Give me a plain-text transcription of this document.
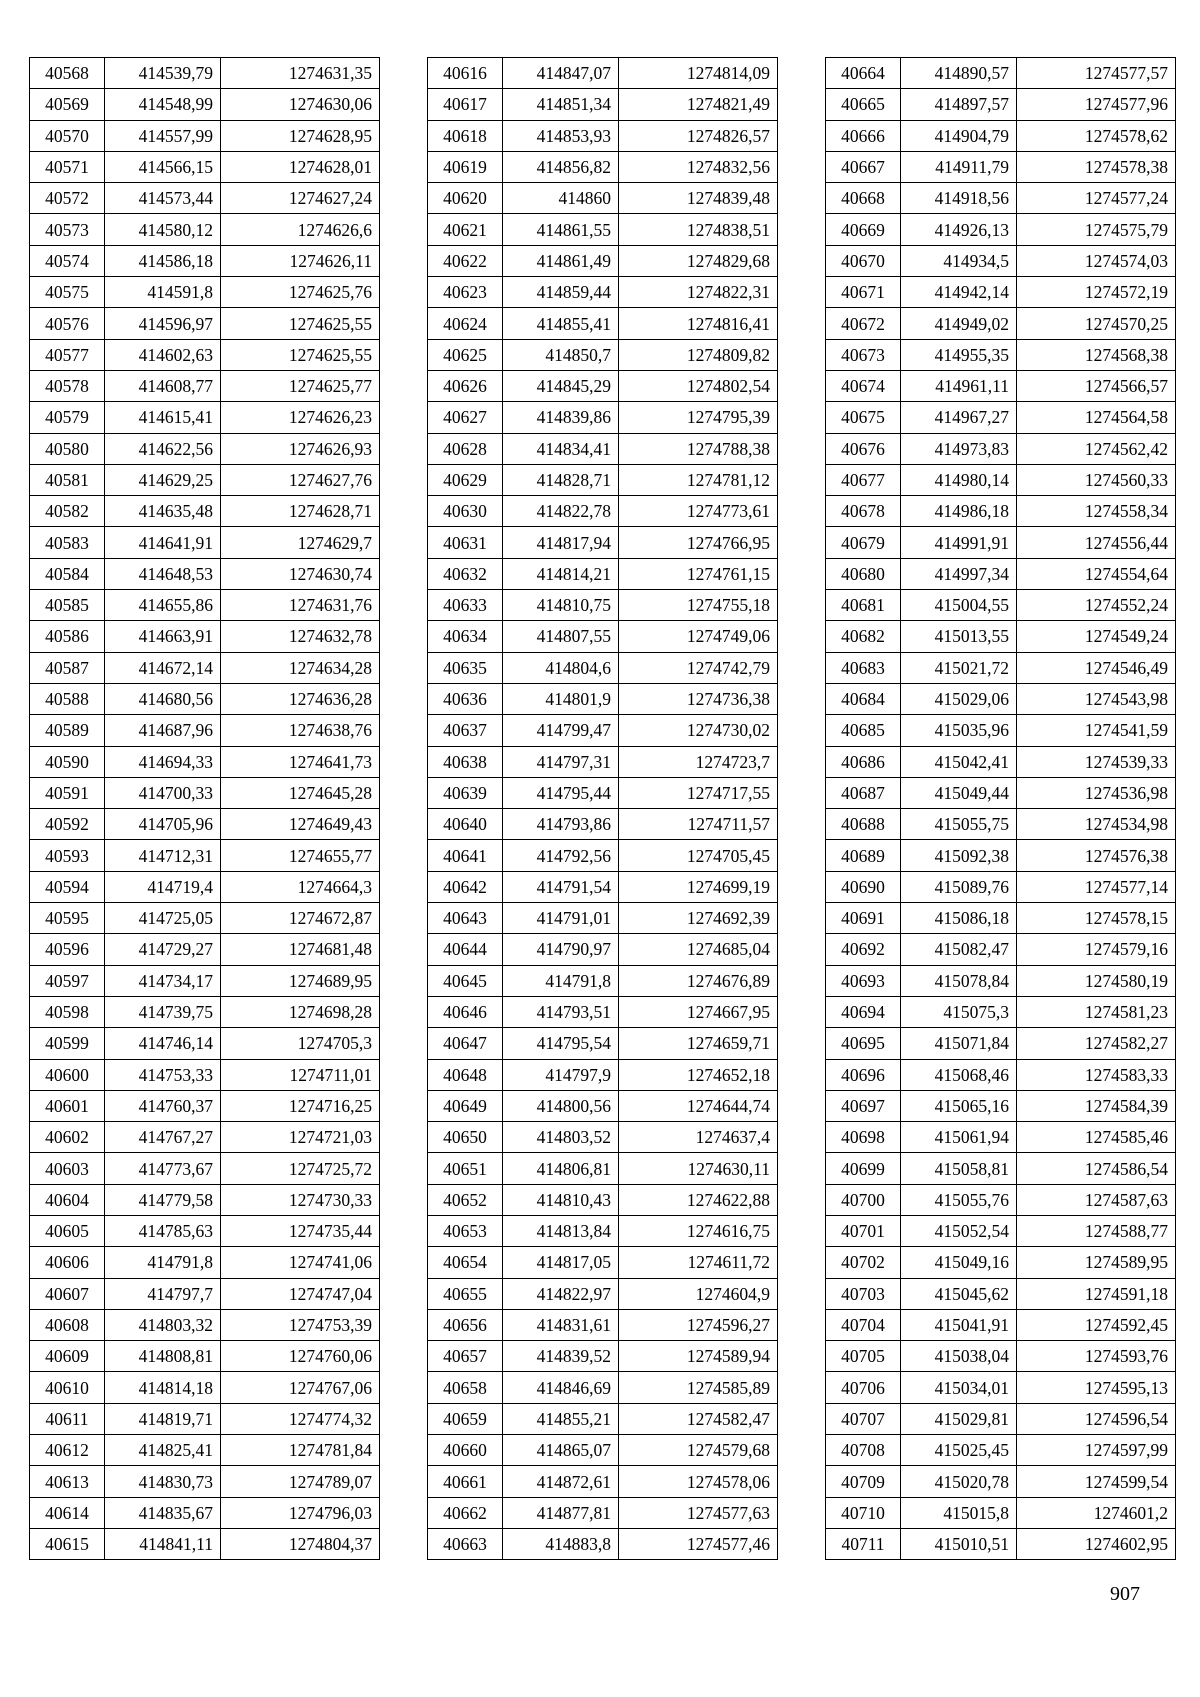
40568	414539,79	1274631,35
40569	414548,99	1274630,06
40570	414557,99	1274628,95
40571	414566,15	1274628,01
40572	414573,44	1274627,24
40573	414580,12	1274626,6
40574	414586,18	1274626,11
40575	414591,8	1274625,76
40576	414596,97	1274625,55
40577	414602,63	1274625,55
40578	414608,77	1274625,77
40579	414615,41	1274626,23
40580	414622,56	1274626,93
40581	414629,25	1274627,76
40582	414635,48	1274628,71
40583	414641,91	1274629,7
40584	414648,53	1274630,74
40585	414655,86	1274631,76
40586	414663,91	1274632,78
40587	414672,14	1274634,28
40588	414680,56	1274636,28
40589	414687,96	1274638,76
40590	414694,33	1274641,73
40591	414700,33	1274645,28
40592	414705,96	1274649,43
40593	414712,31	1274655,77
40594	414719,4	1274664,3
40595	414725,05	1274672,87
40596	414729,27	1274681,48
40597	414734,17	1274689,95
40598	414739,75	1274698,28
40599	414746,14	1274705,3
40600	414753,33	1274711,01
40601	414760,37	1274716,25
40602	414767,27	1274721,03
40603	414773,67	1274725,72
40604	414779,58	1274730,33
40605	414785,63	1274735,44
40606	414791,8	1274741,06
40607	414797,7	1274747,04
40608	414803,32	1274753,39
40609	414808,81	1274760,06
40610	414814,18	1274767,06
40611	414819,71	1274774,32
40612	414825,41	1274781,84
40613	414830,73	1274789,07
40614	414835,67	1274796,03
40615	414841,11	1274804,37
40616	414847,07	1274814,09
40617	414851,34	1274821,49
40618	414853,93	1274826,57
40619	414856,82	1274832,56
40620	414860	1274839,48
40621	414861,55	1274838,51
40622	414861,49	1274829,68
40623	414859,44	1274822,31
40624	414855,41	1274816,41
40625	414850,7	1274809,82
40626	414845,29	1274802,54
40627	414839,86	1274795,39
40628	414834,41	1274788,38
40629	414828,71	1274781,12
40630	414822,78	1274773,61
40631	414817,94	1274766,95
40632	414814,21	1274761,15
40633	414810,75	1274755,18
40634	414807,55	1274749,06
40635	414804,6	1274742,79
40636	414801,9	1274736,38
40637	414799,47	1274730,02
40638	414797,31	1274723,7
40639	414795,44	1274717,55
40640	414793,86	1274711,57
40641	414792,56	1274705,45
40642	414791,54	1274699,19
40643	414791,01	1274692,39
40644	414790,97	1274685,04
40645	414791,8	1274676,89
40646	414793,51	1274667,95
40647	414795,54	1274659,71
40648	414797,9	1274652,18
40649	414800,56	1274644,74
40650	414803,52	1274637,4
40651	414806,81	1274630,11
40652	414810,43	1274622,88
40653	414813,84	1274616,75
40654	414817,05	1274611,72
40655	414822,97	1274604,9
40656	414831,61	1274596,27
40657	414839,52	1274589,94
40658	414846,69	1274585,89
40659	414855,21	1274582,47
40660	414865,07	1274579,68
40661	414872,61	1274578,06
40662	414877,81	1274577,63
40663	414883,8	1274577,46
40664	414890,57	1274577,57
40665	414897,57	1274577,96
40666	414904,79	1274578,62
40667	414911,79	1274578,38
40668	414918,56	1274577,24
40669	414926,13	1274575,79
40670	414934,5	1274574,03
40671	414942,14	1274572,19
40672	414949,02	1274570,25
40673	414955,35	1274568,38
40674	414961,11	1274566,57
40675	414967,27	1274564,58
40676	414973,83	1274562,42
40677	414980,14	1274560,33
40678	414986,18	1274558,34
40679	414991,91	1274556,44
40680	414997,34	1274554,64
40681	415004,55	1274552,24
40682	415013,55	1274549,24
40683	415021,72	1274546,49
40684	415029,06	1274543,98
40685	415035,96	1274541,59
40686	415042,41	1274539,33
40687	415049,44	1274536,98
40688	415055,75	1274534,98
40689	415092,38	1274576,38
40690	415089,76	1274577,14
40691	415086,18	1274578,15
40692	415082,47	1274579,16
40693	415078,84	1274580,19
40694	415075,3	1274581,23
40695	415071,84	1274582,27
40696	415068,46	1274583,33
40697	415065,16	1274584,39
40698	415061,94	1274585,46
40699	415058,81	1274586,54
40700	415055,76	1274587,63
40701	415052,54	1274588,77
40702	415049,16	1274589,95
40703	415045,62	1274591,18
40704	415041,91	1274592,45
40705	415038,04	1274593,76
40706	415034,01	1274595,13
40707	415029,81	1274596,54
40708	415025,45	1274597,99
40709	415020,78	1274599,54
40710	415015,8	1274601,2
40711	415010,51	1274602,95
907
